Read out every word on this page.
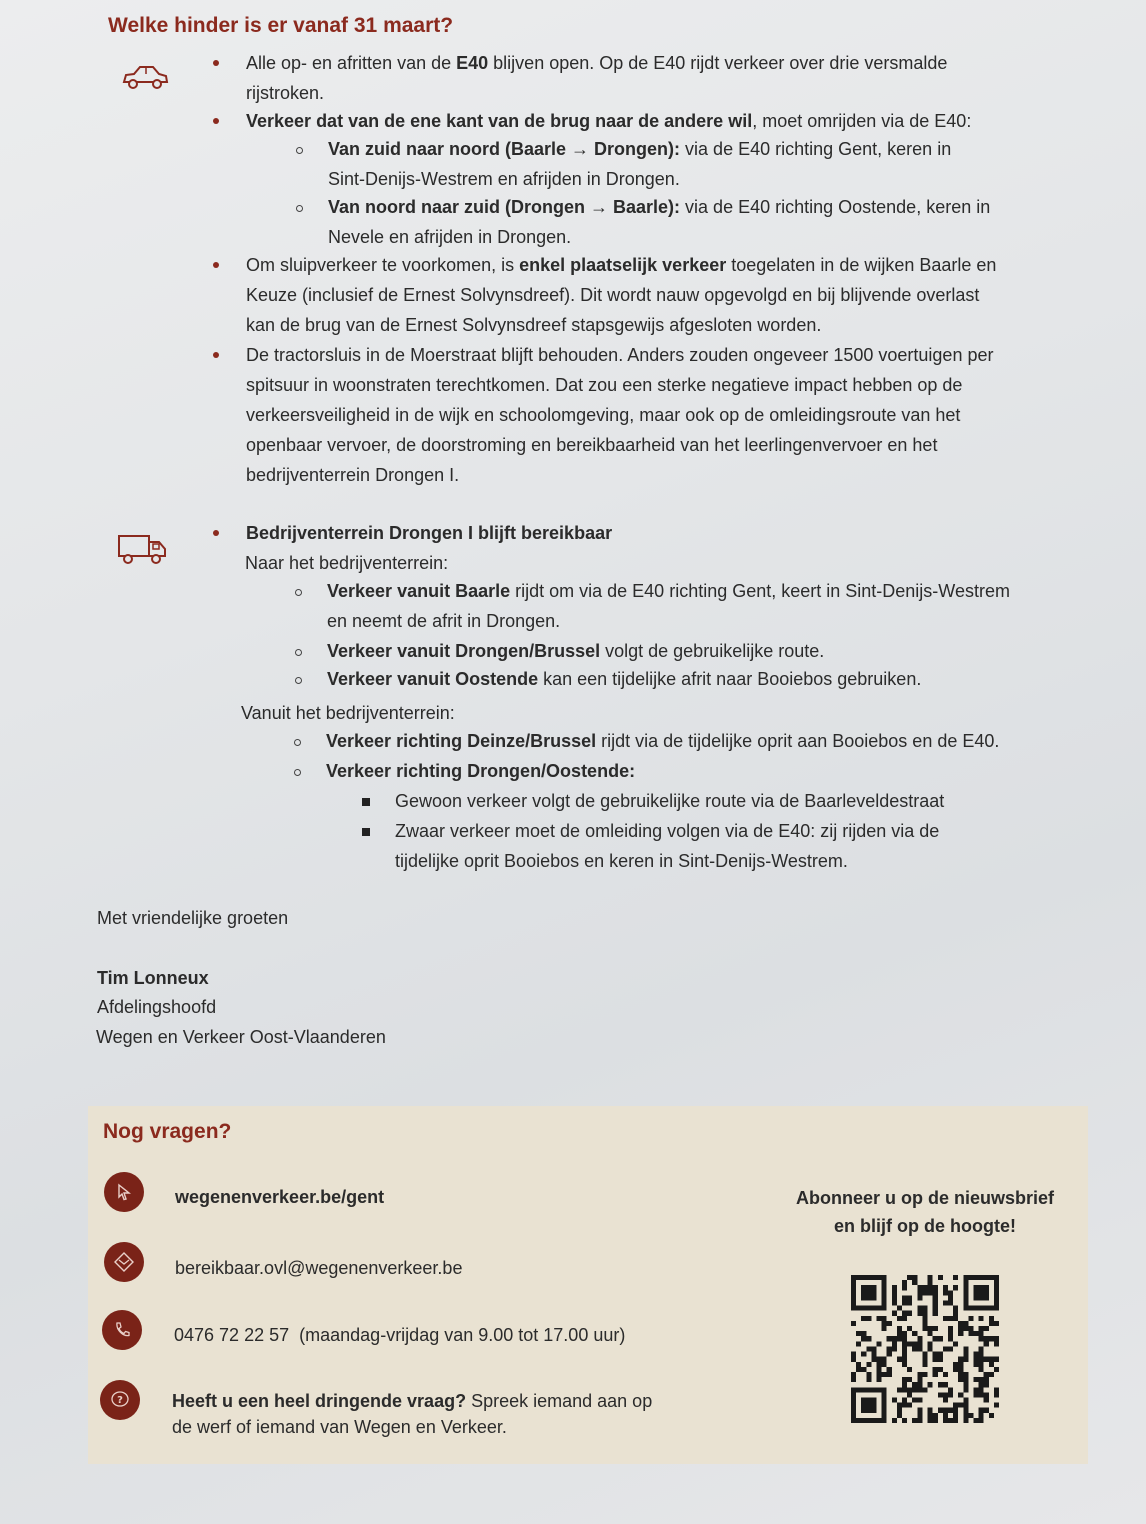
Welke hinder is er vanaf 31 maart?
Alle op- en afritten van de E40 blijven open. Op de E40 rijdt verkeer over drie versmalde
rijstroken.
Verkeer dat van de ene kant van de brug naar de andere wil, moet omrijden via de E40:
Van zuid naar noord (Baarle → Drongen): via de E40 richting Gent, keren in
Sint-Denijs-Westrem en afrijden in Drongen.
Van noord naar zuid (Drongen → Baarle): via de E40 richting Oostende, keren in
Nevele en afrijden in Drongen.
Om sluipverkeer te voorkomen, is enkel plaatselijk verkeer toegelaten in de wijken Baarle en
Keuze (inclusief de Ernest Solvynsdreef). Dit wordt nauw opgevolgd en bij blijvende overlast
kan de brug van de Ernest Solvynsdreef stapsgewijs afgesloten worden.
De tractorsluis in de Moerstraat blijft behouden. Anders zouden ongeveer 1500 voertuigen per
spitsuur in woonstraten terechtkomen. Dat zou een sterke negatieve impact hebben op de
verkeersveiligheid in de wijk en schoolomgeving, maar ook op de omleidingsroute van het
openbaar vervoer, de doorstroming en bereikbaarheid van het leerlingenvervoer en het
bedrijventerrein Drongen I.
Bedrijventerrein Drongen I blijft bereikbaar
Naar het bedrijventerrein:
Verkeer vanuit Baarle rijdt om via de E40 richting Gent, keert in Sint-Denijs-Westrem
en neemt de afrit in Drongen.
Verkeer vanuit Drongen/Brussel volgt de gebruikelijke route.
Verkeer vanuit Oostende kan een tijdelijke afrit naar Booiebos gebruiken.
Vanuit het bedrijventerrein:
Verkeer richting Deinze/Brussel rijdt via de tijdelijke oprit aan Booiebos en de E40.
Verkeer richting Drongen/Oostende:
Gewoon verkeer volgt de gebruikelijke route via de Baarleveldestraat
Zwaar verkeer moet de omleiding volgen via de E40: zij rijden via de
tijdelijke oprit Booiebos en keren in Sint-Denijs-Westrem.
Met vriendelijke groeten
Tim Lonneux
Afdelingshoofd
Wegen en Verkeer Oost-Vlaanderen
Nog vragen?
wegenenverkeer.be/gent
bereikbaar.ovl@wegenenverkeer.be
0476 72 22 57 (maandag-vrijdag van 9.00 tot 17.00 uur)
?	Heeft u een heel dringende vraag? Spreek iemand aan op
de werf of iemand van Wegen en Verkeer.
Abonneer u op de nieuwsbrief
en blijf op de hoogte!
